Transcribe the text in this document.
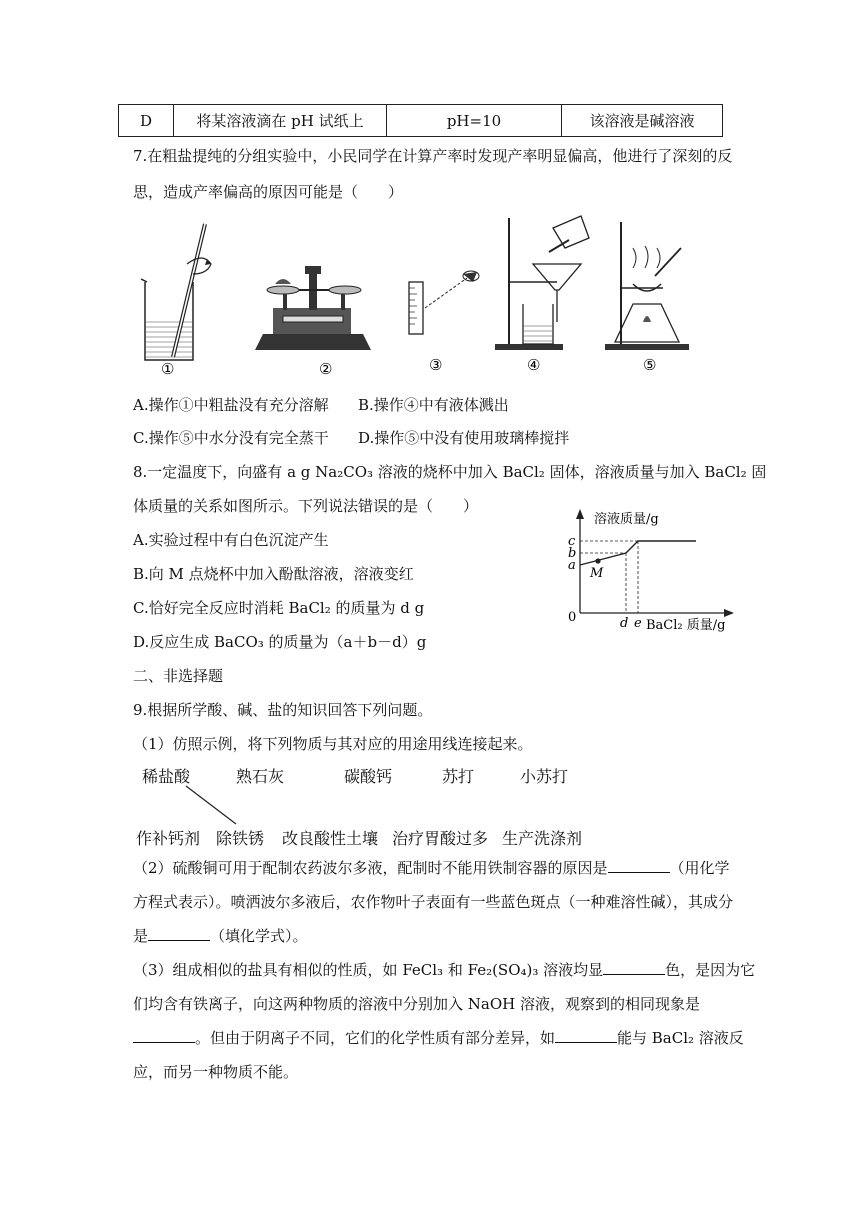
D	将某溶液滴在 pH 试纸上	pH=10	该溶液是碱溶液
7.在粗盐提纯的分组实验中，小民同学在计算产率时发现产率明显偏高，他进行了深刻的反
思，造成产率偏高的原因可能是（　　）
①	②	③	④	⑤
A.操作①中粗盐没有充分溶解 B.操作④中有液体溅出
C.操作⑤中水分没有完全蒸干 D.操作⑤中没有使用玻璃棒搅拌
8.一定温度下，向盛有 a g Na₂CO₃ 溶液的烧杯中加入 BaCl₂ 固体，溶液质量与加入 BaCl₂ 固
体质量的关系如图所示。下列说法错误的是（　　）
A.实验过程中有白色沉淀产生
B.向 M 点烧杯中加入酚酞溶液，溶液变红
C.恰好完全反应时消耗 BaCl₂ 的质量为 d g
D.反应生成 BaCO₃ 的质量为（a＋b－d）g
溶液质量/g
c
b
a
M
0	d e BaCl₂ 质量/g
二、非选择题
9.根据所学酸、碱、盐的知识回答下列问题。
（1）仿照示例，将下列物质与其对应的用途用线连接起来。
稀盐酸	熟石灰	碳酸钙	苏打	小苏打
作补钙剂 除铁锈 改良酸性土壤 治疗胃酸过多 生产洗涤剂
（2）硫酸铜可用于配制农药波尔多液，配制时不能用铁制容器的原因是	（用化学
方程式表示）。喷洒波尔多液后，农作物叶子表面有一些蓝色斑点（一种难溶性碱），其成分
是	（填化学式）。
（3）组成相似的盐具有相似的性质，如 FeCl₃ 和 Fe₂(SO₄)₃ 溶液均显	色，是因为它
们均含有铁离子，向这两种物质的溶液中分别加入 NaOH 溶液，观察到的相同现象是
。但由于阴离子不同，它们的化学性质有部分差异，如	能与 BaCl₂ 溶液反
应，而另一种物质不能。
